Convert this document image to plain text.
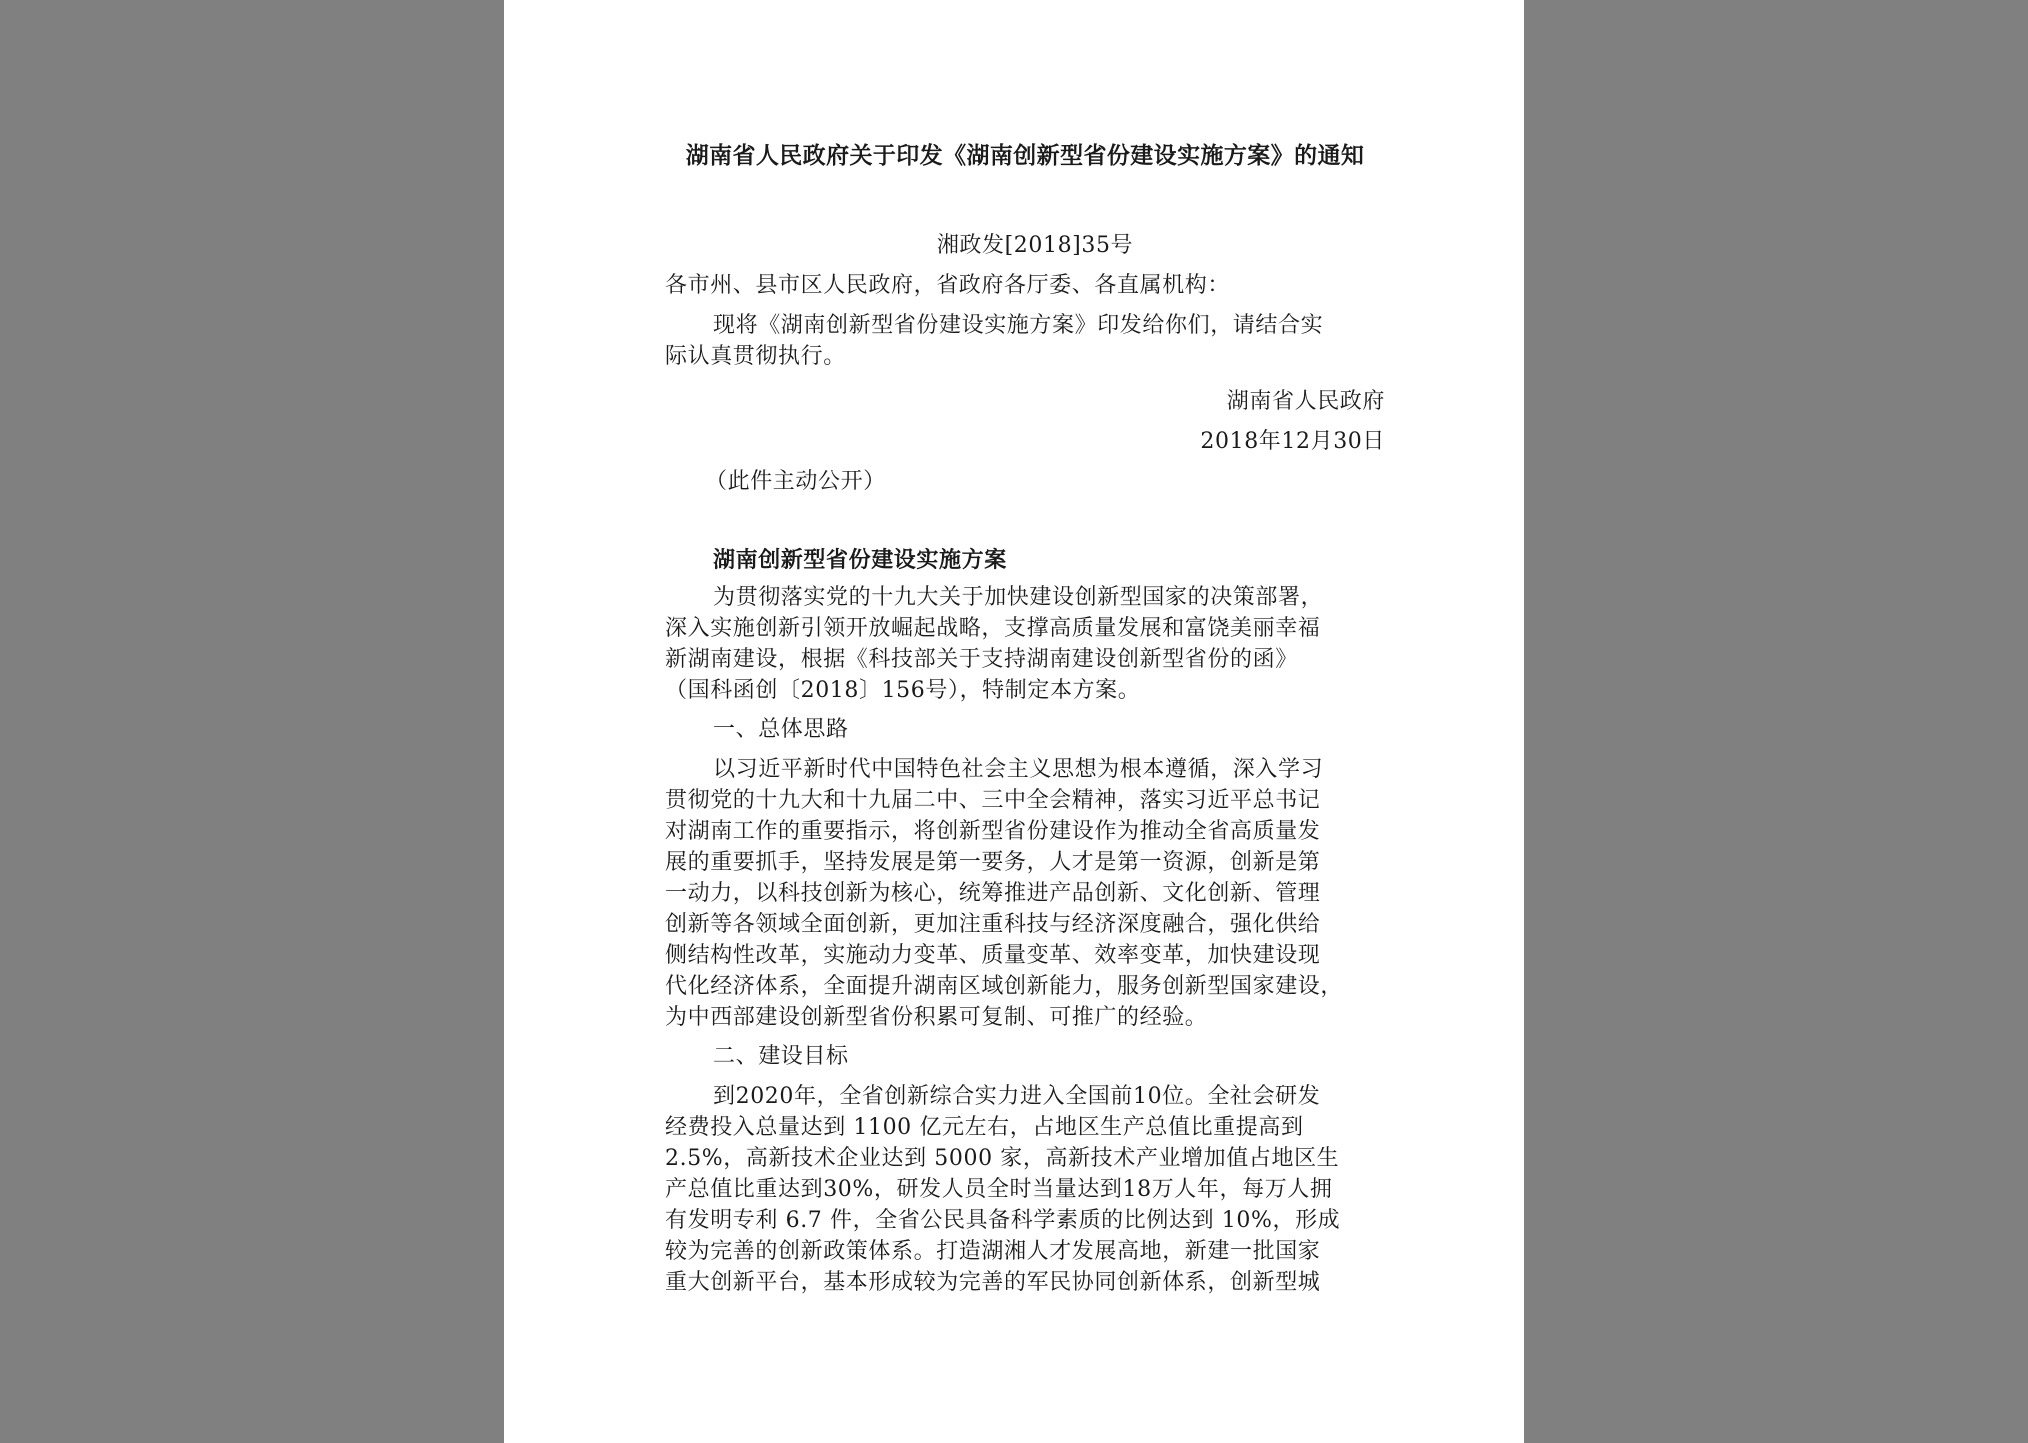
湖南省人民政府关于印发《湖南创新型省份建设实施方案》的通知
湘政发[2018]35号
各市州、县市区人民政府，省政府各厅委、各直属机构：
现将《湖南创新型省份建设实施方案》印发给你们，请结合实
际认真贯彻执行。
湖南省人民政府
2018年12月30日
（此件主动公开）
湖南创新型省份建设实施方案
为贯彻落实党的十九大关于加快建设创新型国家的决策部署，
深入实施创新引领开放崛起战略，支撑高质量发展和富饶美丽幸福
新湖南建设，根据《科技部关于支持湖南建设创新型省份的函》
（国科函创〔2018〕156号），特制定本方案。
一、总体思路
以习近平新时代中国特色社会主义思想为根本遵循，深入学习
贯彻党的十九大和十九届二中、三中全会精神，落实习近平总书记
对湖南工作的重要指示，将创新型省份建设作为推动全省高质量发
展的重要抓手，坚持发展是第一要务，人才是第一资源，创新是第
一动力，以科技创新为核心，统筹推进产品创新、文化创新、管理
创新等各领域全面创新，更加注重科技与经济深度融合，强化供给
侧结构性改革，实施动力变革、质量变革、效率变革，加快建设现
代化经济体系，全面提升湖南区域创新能力，服务创新型国家建设，
为中西部建设创新型省份积累可复制、可推广的经验。
二、建设目标
到2020年，全省创新综合实力进入全国前10位。全社会研发
经费投入总量达到 1100 亿元左右，占地区生产总值比重提高到
2.5%，高新技术企业达到 5000 家，高新技术产业增加值占地区生
产总值比重达到30%，研发人员全时当量达到18万人年，每万人拥
有发明专利 6.7 件，全省公民具备科学素质的比例达到 10%，形成
较为完善的创新政策体系。打造湖湘人才发展高地，新建一批国家
重大创新平台，基本形成较为完善的军民协同创新体系，创新型城
